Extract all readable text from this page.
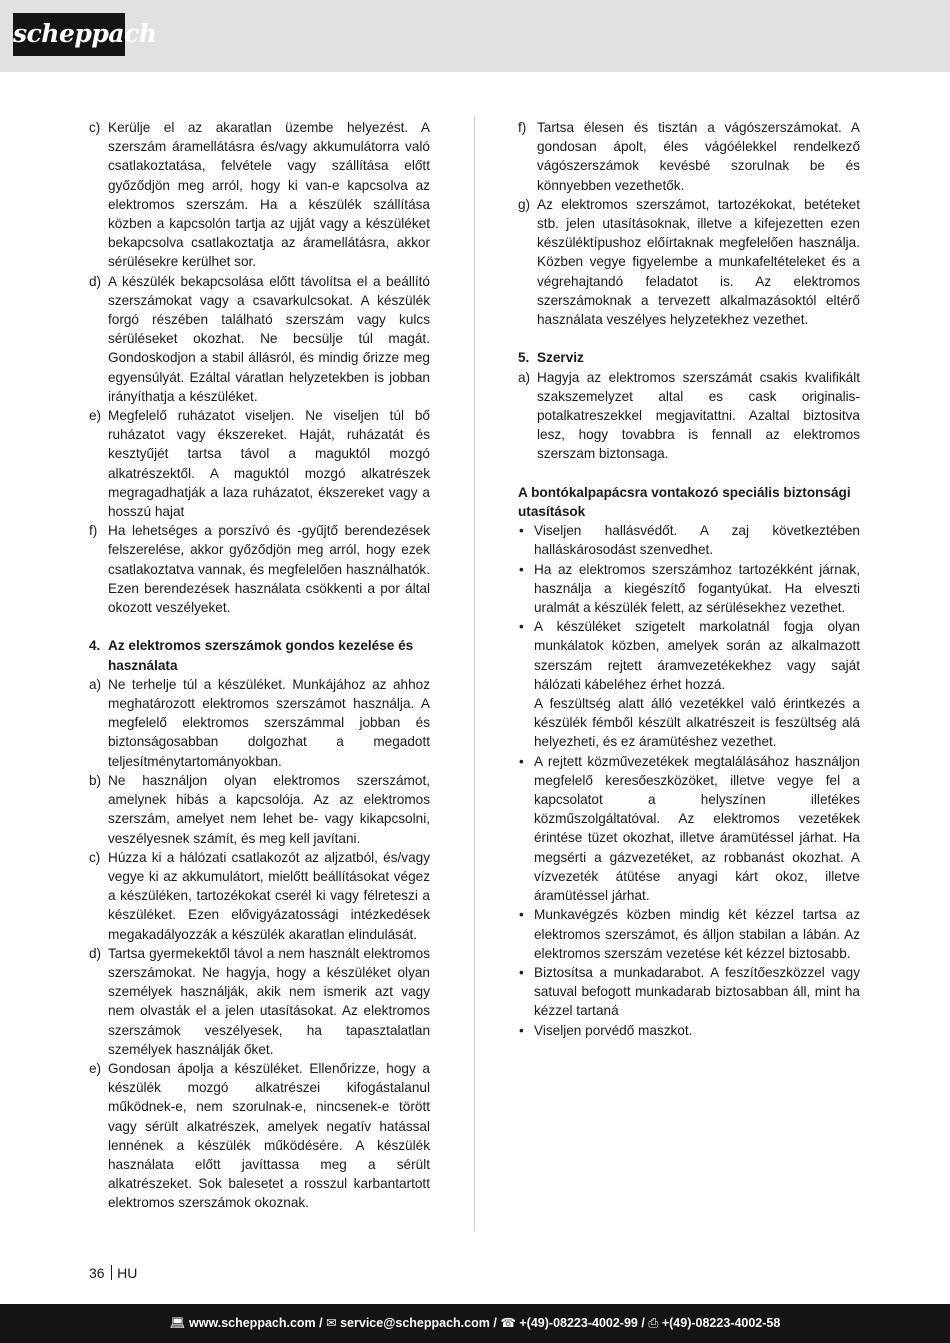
scheppach
c) Kerülje el az akaratlan üzembe helyezést. A szerszám áramellátásra és/vagy akkumulátorra való csatlakoztatása, felvétele vagy szállítása előtt győződjön meg arról, hogy ki van-e kapcsolva az elektromos szerszám. Ha a készülék szállítása közben a kapcsolón tartja az ujját vagy a készüléket bekapcsolva csatlakoztatja az áramellátásra, akkor sérülésekre kerülhet sor.
d) A készülék bekapcsolása előtt távolítsa el a beállító szerszámokat vagy a csavarkulcsokat. A készülék forgó részében található szerszám vagy kulcs sérüléseket okozhat. Ne becsülje túl magát. Gondoskodjon a stabil állásról, és mindig őrizze meg egyensúlyát. Ezáltal váratlan helyzetekben is jobban irányíthatja a készüléket.
e) Megfelelő ruházatot viseljen. Ne viseljen túl bő ruházatot vagy ékszereket. Haját, ruházatát és kesztyűjét tartsa távol a maguktól mozgó alkatrészektől. A maguktól mozgó alkatrészek megragadhatják a laza ruházatot, ékszereket vagy a hosszú hajat
f) Ha lehetséges a porszívó és -gyűjtő berendezések felszerelése, akkor győződjön meg arról, hogy ezek csatlakoztatva vannak, és megfelelően használhatók. Ezen berendezések használata csökkenti a por által okozott veszélyeket.
4. Az elektromos szerszámok gondos kezelése és használata
a) Ne terhelje túl a készüléket. Munkájához az ahhoz meghatározott elektromos szerszámot használja. A megfelelő elektromos szerszámmal jobban és biztonságosabban dolgozhat a megadott teljesítménytartományokban.
b) Ne használjon olyan elektromos szerszámot, amelynek hibás a kapcsolója. Az az elektromos szerszám, amelyet nem lehet be- vagy kikapcsolni, veszélyesnek számít, és meg kell javítani.
c) Húzza ki a hálózati csatlakozót az aljzatból, és/vagy vegye ki az akkumulátort, mielőtt beállításokat végez a készüléken, tartozékokat cserél ki vagy félreteszi a készüléket. Ezen elővigyázatossági intézkedések megakadályozzák a készülék akaratlan elindulását.
d) Tartsa gyermekektől távol a nem használt elektromos szerszámokat. Ne hagyja, hogy a készüléket olyan személyek használják, akik nem ismerik azt vagy nem olvasták el a jelen utasításokat. Az elektromos szerszámok veszélyesek, ha tapasztalatlan személyek használják őket.
e) Gondosan ápolja a készüléket. Ellenőrizze, hogy a készülék mozgó alkatrészei kifogástalanul működnek-e, nem szorulnak-e, nincsenek-e törött vagy sérült alkatrészek, amelyek negatív hatással lennének a készülék működésére. A készülék használata előtt javíttassa meg a sérült alkatrészeket. Sok balesetet a rosszul karbantartott elektromos szerszámok okoznak.
f) Tartsa élesen és tisztán a vágószerszámokat. A gondosan ápolt, éles vágóélekkel rendelkező vágószerszámok kevésbé szorulnak be és könnyebben vezethetők.
g) Az elektromos szerszámot, tartozékokat, betéteket stb. jelen utasításoknak, illetve a kifejezetten ezen készüléktípushoz előírtaknak megfelelően használja. Közben vegye figyelembe a munkafeltételeket és a végrehajtandó feladatot is. Az elektromos szerszámoknak a tervezett alkalmazásoktól eltérő használata veszélyes helyzetekhez vezethet.
5. Szerviz
a) Hagyja az elektromos szerszámát csakis kvalifikált szakszemelyzet altal es cask originalis-potalkatreszekkel megjavitattni. Azaltal biztositva lesz, hogy tovabbra is fennall az elektromos szerszam biztonsaga.
A bontókalpapácsra vontakozó speciális biztonsági utasítások
• Viseljen hallásvédőt. A zaj következtében halláskárosodást szenvedhet.
• Ha az elektromos szerszámhoz tartozékként járnak, használja a kiegészítő fogantyúkat. Ha elveszti uralmát a készülék felett, az sérülésekhez vezethet.
• A készüléket szigetelt markolatnál fogja olyan munkálatok közben, amelyek során az alkalmazott szerszám rejtett áramvezetékekhez vagy saját hálózati kábeléhez érhet hozzá.

A feszültség alatt álló vezetékkel való érintkezés a készülék fémből készült alkatrészeit is feszültség alá helyezheti, és ez áramütéshez vezethet.

• A rejtett közművezetékek megtalálásához használjon megfelelő keresőeszközöket, illetve vegye fel a kapcsolatot a helyszínen illetékes közműszolgáltatóval. Az elektromos vezetékek érintése tüzet okozhat, illetve áramütéssel járhat. Ha megsérti a gázvezetéket, az robbanást okozhat. A vízvezeték átütése anyagi kárt okoz, illetve áramütéssel járhat.
• Munkavégzés közben mindig két kézzel tartsa az elektromos szerszámot, és álljon stabilan a lábán. Az elektromos szerszám vezetése két kézzel biztosabb.
• Biztosítsa a munkadarabot. A feszítőeszközzel vagy satuval befogott munkadarab biztosabban áll, mint ha kézzel tartaná
• Viseljen porvédő maszkot.
36 HU
💻︎ www.scheppach.com / ✉︎ service@scheppach.com / ☎︎ +(49)-08223-4002-99 / ⎙ +(49)-08223-4002-58
